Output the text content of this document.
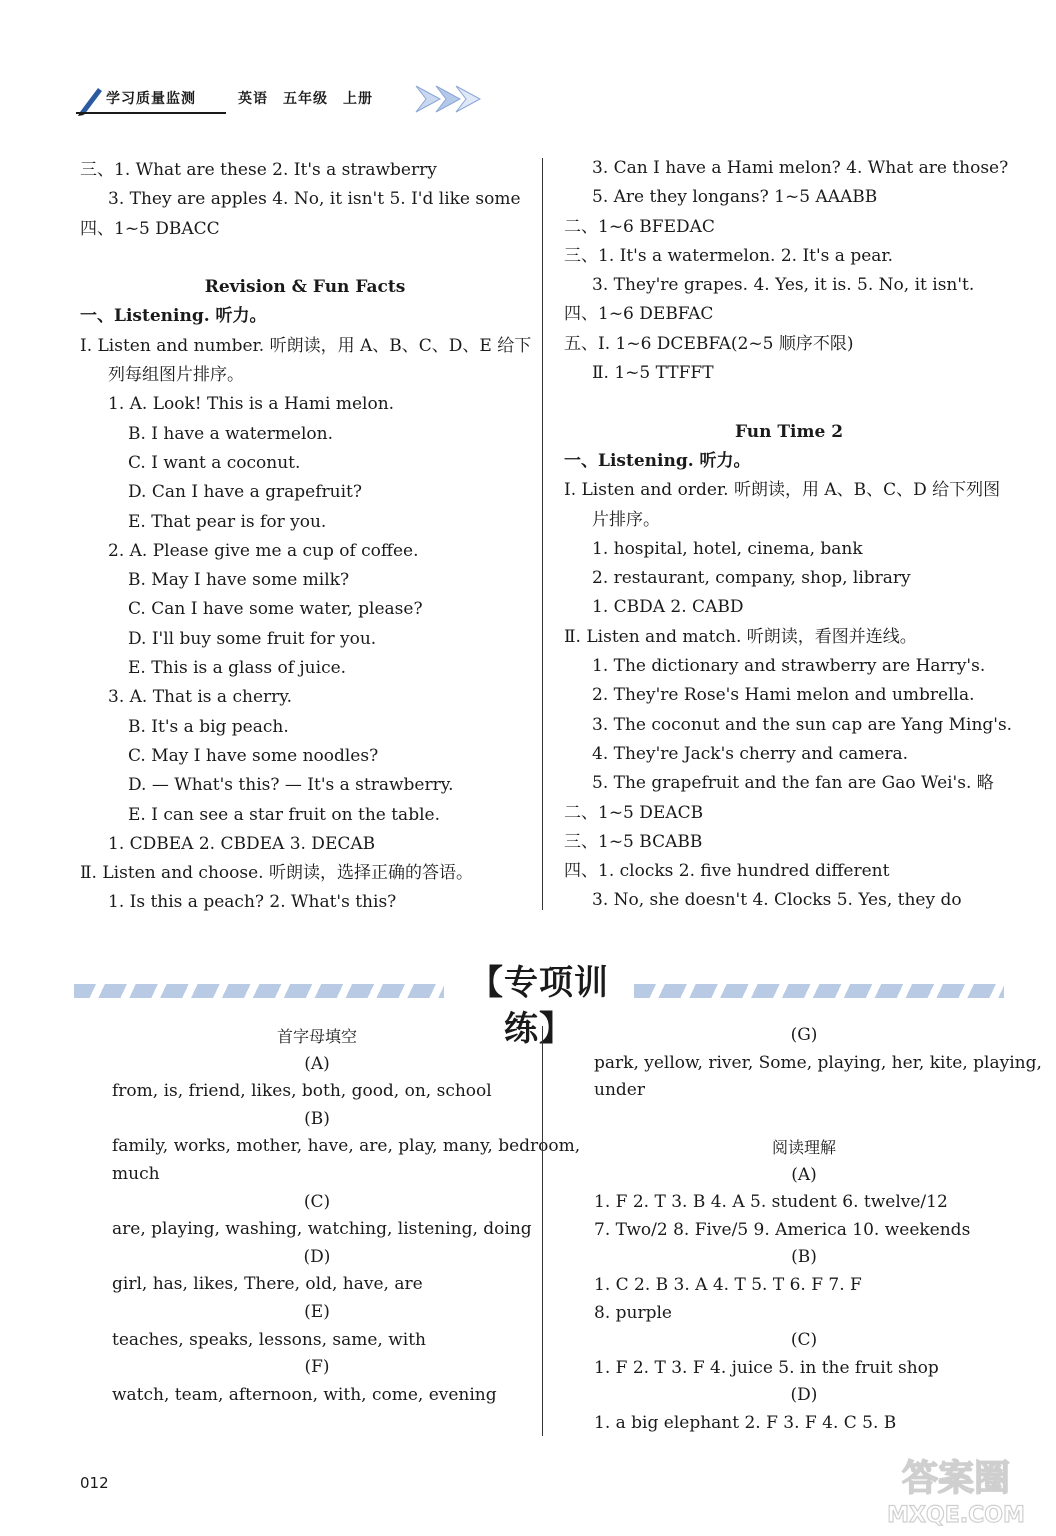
学习质量监测	英语　五年级　上册

三、1. What are these 2. It's a strawberry

3. They are apples 4. No, it isn't 5. I'd like some

四、1~5 DBACC

Revision & Fun Facts

一、Listening. 听力。

Ⅰ. Listen and number. 听朗读，用 A、B、C、D、E 给下

列每组图片排序。

1. A. Look! This is a Hami melon.

B. I have a watermelon.

C. I want a coconut.

D. Can I have a grapefruit?

E. That pear is for you.

2. A. Please give me a cup of coffee.

B. May I have some milk?

C. Can I have some water, please?

D. I'll buy some fruit for you.

E. This is a glass of juice.

3. A. That is a cherry.

B. It's a big peach.

C. May I have some noodles?

D. — What's this? — It's a strawberry.

E. I can see a star fruit on the table.

1. CDBEA 2. CBDEA 3. DECAB

Ⅱ. Listen and choose. 听朗读，选择正确的答语。

1. Is this a peach? 2. What's this?

3. Can I have a Hami melon? 4. What are those?

5. Are they longans? 1~5 AAABB

二、1~6 BFEDAC

三、1. It's a watermelon. 2. It's a pear.

3. They're grapes. 4. Yes, it is. 5. No, it isn't.

四、1~6 DEBFAC

五、Ⅰ. 1~6 DCEBFA(2~5 顺序不限)

Ⅱ. 1~5 TTFFT

Fun Time 2

一、Listening. 听力。

Ⅰ. Listen and order. 听朗读，用 A、B、C、D 给下列图

片排序。

1. hospital, hotel, cinema, bank

2. restaurant, company, shop, library

1. CBDA 2. CABD

Ⅱ. Listen and match. 听朗读，看图并连线。

1. The dictionary and strawberry are Harry's.

2. They're Rose's Hami melon and umbrella.

3. The coconut and the sun cap are Yang Ming's.

4. They're Jack's cherry and camera.

5. The grapefruit and the fan are Gao Wei's. 略

二、1~5 DEACB

三、1~5 BCABB

四、1. clocks 2. five hundred different

3. No, she doesn't 4. Clocks 5. Yes, they do

【专项训练】

首字母填空

(A)

from, is, friend, likes, both, good, on, school

(B)

family, works, mother, have, are, play, many, bedroom,

much

(C)

are, playing, washing, watching, listening, doing

(D)

girl, has, likes, There, old, have, are

(E)

teaches, speaks, lessons, same, with

(F)

watch, team, afternoon, with, come, evening

(G)

park, yellow, river, Some, playing, her, kite, playing,

under

阅读理解

(A)

1. F 2. T 3. B 4. A 5. student 6. twelve/12

7. Two/2 8. Five/5 9. America 10. weekends

(B)

1. C 2. B 3. A 4. T 5. T 6. F 7. F

8. purple

(C)

1. F 2. T 3. F 4. juice 5. in the fruit shop

(D)

1. a big elephant 2. F 3. F 4. C 5. B

012	答案圈
MXQE.COM
